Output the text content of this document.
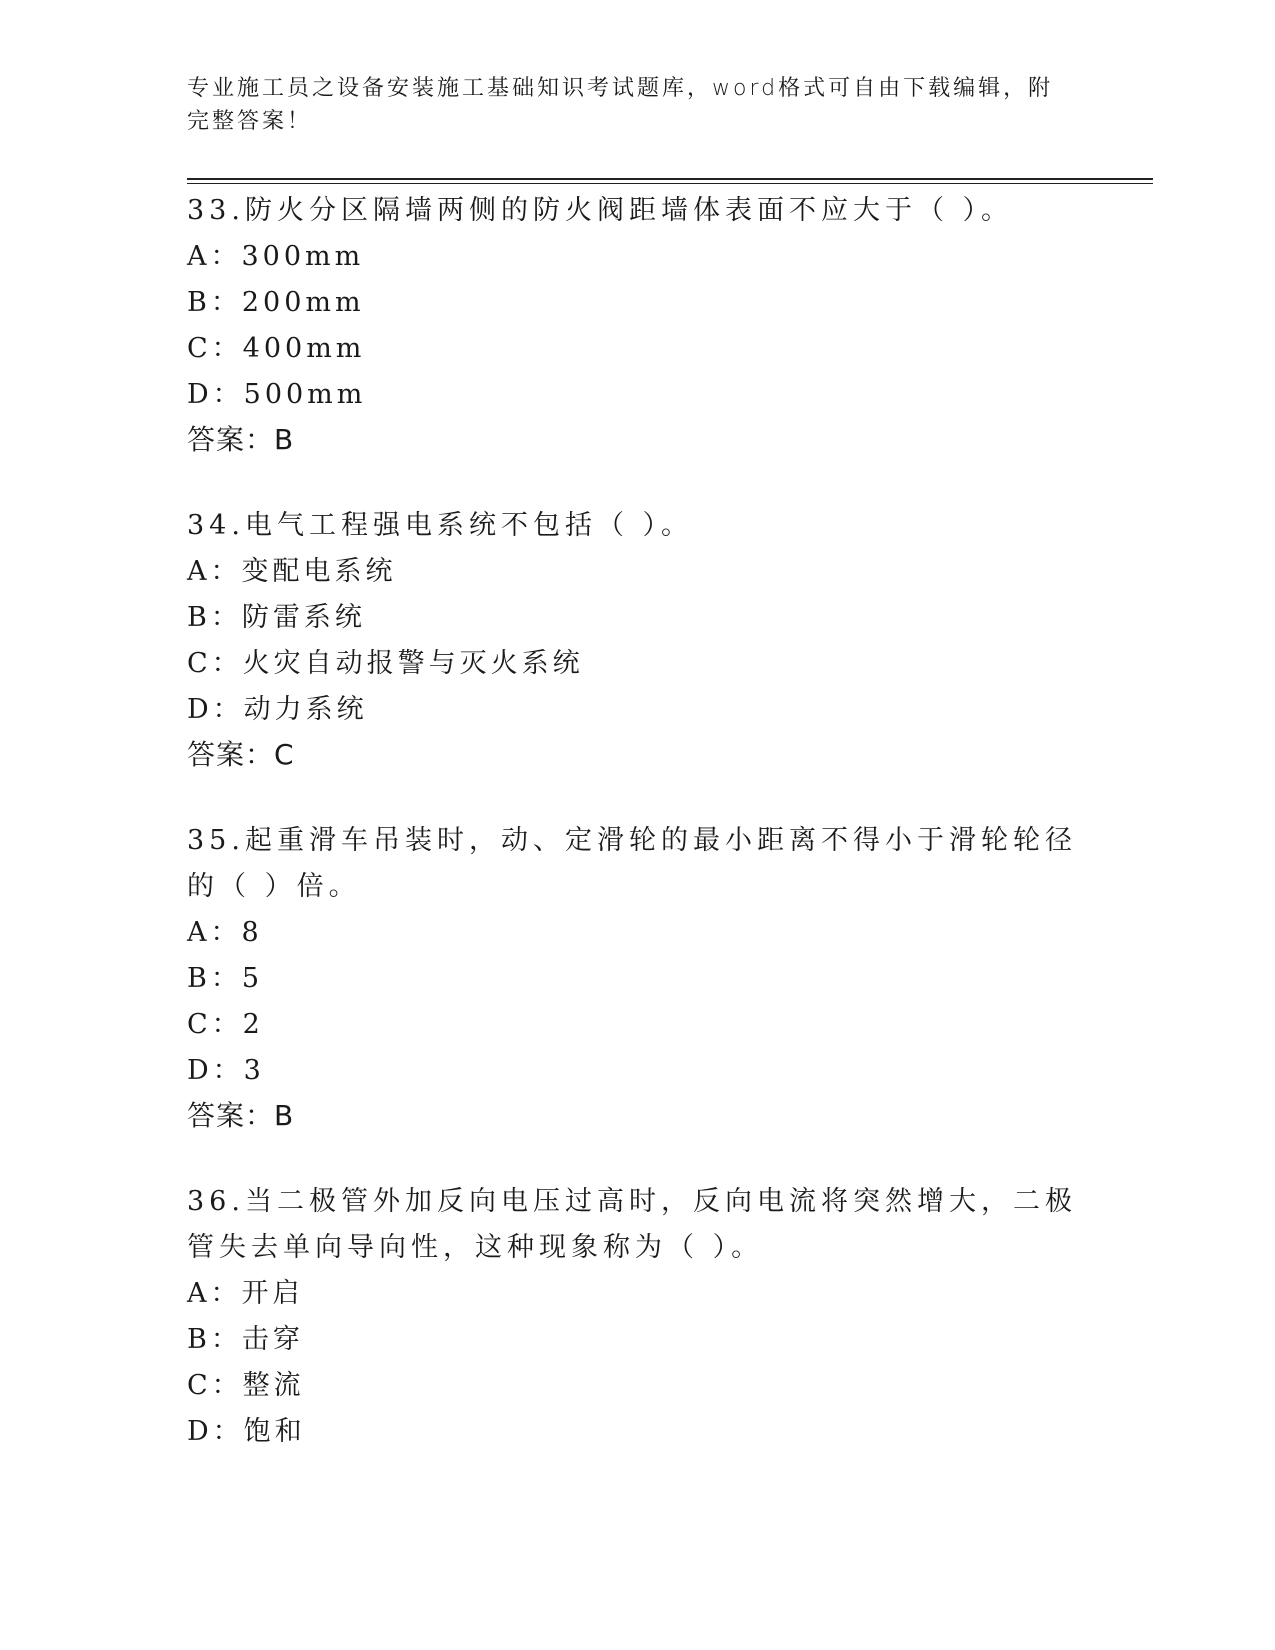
专业施工员之设备安装施工基础知识考试题库，word格式可自由下载编辑，附完整答案！
33.防火分区隔墙两侧的防火阀距墙体表面不应大于（ ）。
A：300mm
B：200mm
C：400mm
D：500mm
答案：B
34.电气工程强电系统不包括（ ）。
A：变配电系统
B：防雷系统
C：火灾自动报警与灭火系统
D：动力系统
答案：C
35.起重滑车吊装时，动、定滑轮的最小距离不得小于滑轮轮径的（ ）倍。
A：8
B：5
C：2
D：3
答案：B
36.当二极管外加反向电压过高时，反向电流将突然增大，二极管失去单向导向性，这种现象称为（ ）。
A：开启
B：击穿
C：整流
D：饱和
